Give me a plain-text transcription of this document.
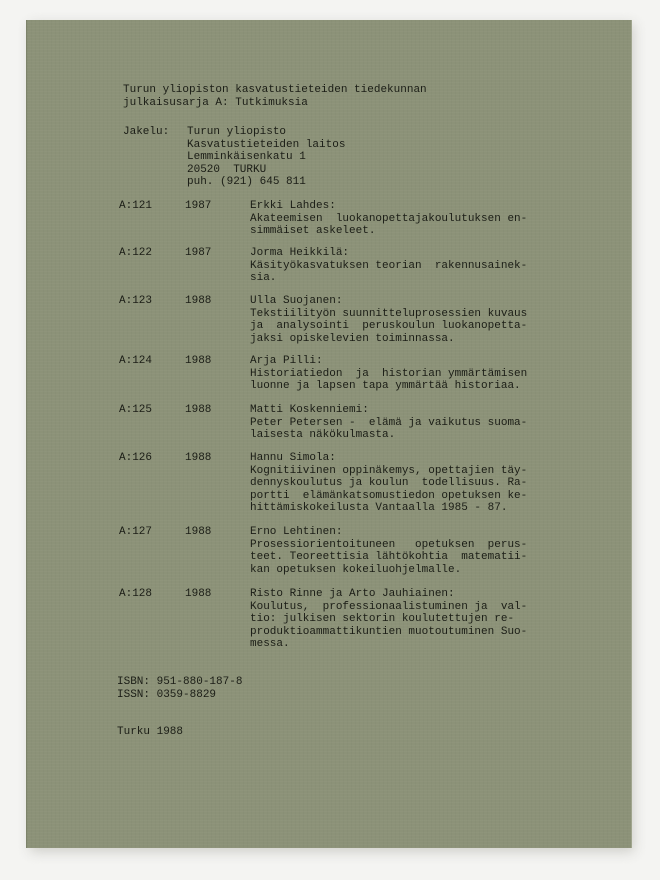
Turun yliopiston kasvatustieteiden tiedekunnan
julkaisusarja A: Tutkimuksia
Jakelu:	Turun yliopisto
Kasvatustieteiden laitos
Lemminkäisenkatu 1
20520  TURKU
puh. (921) 645 811
A:121	1987	Erkki Lahdes:
Akateemisen  luokanopettajakoulutuksen en-
simmäiset askeleet.
A:122	1987	Jorma Heikkilä:
Käsityökasvatuksen teorian  rakennusainek-
sia.
A:123	1988	Ulla Suojanen:
Tekstiilityön suunnitteluprosessien kuvaus
ja  analysointi  peruskoulun luokanopetta-
jaksi opiskelevien toiminnassa.
A:124	1988	Arja Pilli:
Historiatiedon  ja  historian ymmärtämisen
luonne ja lapsen tapa ymmärtää historiaa.
A:125	1988	Matti Koskenniemi:
Peter Petersen -  elämä ja vaikutus suoma-
laisesta näkökulmasta.
A:126	1988	Hannu Simola:
Kognitiivinen oppinäkemys, opettajien täy-
dennyskoulutus ja koulun  todellisuus. Ra-
portti  elämänkatsomustiedon opetuksen ke-
hittämiskokeilusta Vantaalla 1985 - 87.
A:127	1988	Erno Lehtinen:
Prosessiorientoituneen   opetuksen  perus-
teet. Teoreettisia lähtökohtia  matematii-
kan opetuksen kokeiluohjelmalle.
A:128	1988	Risto Rinne ja Arto Jauhiainen:
Koulutus,  professionaalistuminen ja  val-
tio: julkisen sektorin koulutettujen re-
produktioammattikuntien muotoutuminen Suo-
messa.
ISBN: 951-880-187-8
ISSN: 0359-8829
Turku 1988
